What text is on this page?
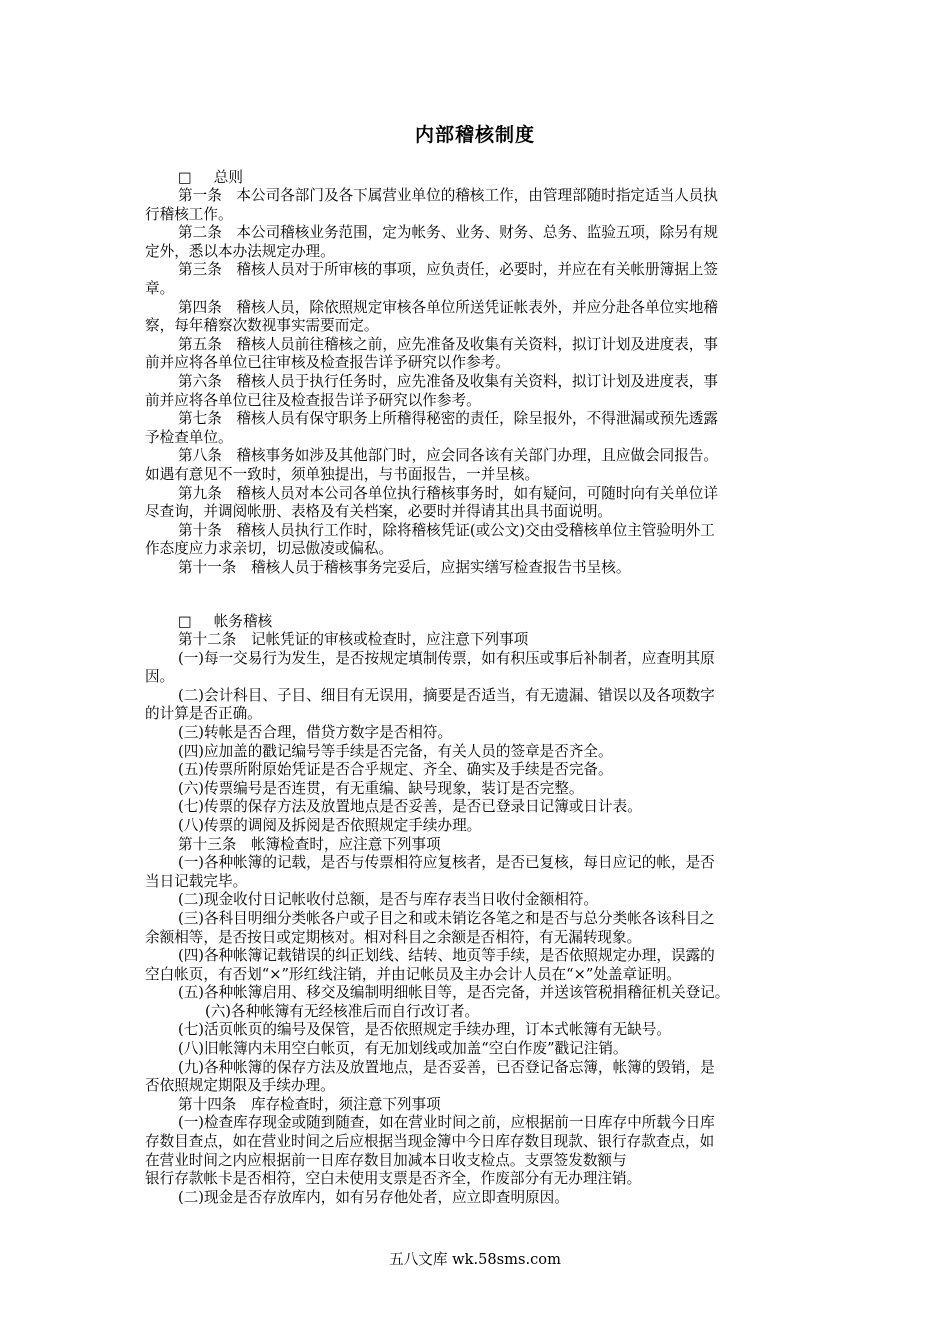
内部稽核制度
□ 总则
第一条　本公司各部门及各下属营业单位的稽核工作，由管理部随时指定适当人员执
行稽核工作。
第二条　本公司稽核业务范围，定为帐务、业务、财务、总务、监验五项，除另有规
定外，悉以本办法规定办理。
第三条　稽核人员对于所审核的事项，应负责任，必要时，并应在有关帐册簿据上签
章。
第四条　稽核人员，除依照规定审核各单位所送凭证帐表外，并应分赴各单位实地稽
察，每年稽察次数视事实需要而定。
第五条　稽核人员前往稽核之前，应先准备及收集有关资料，拟订计划及进度表，事
前并应将各单位已往审核及检查报告详予研究以作参考。
第六条　稽核人员于执行任务时，应先准备及收集有关资料，拟订计划及进度表，事
前并应将各单位已往及检查报告详予研究以作参考。
第七条　稽核人员有保守职务上所稽得秘密的责任，除呈报外，不得泄漏或预先透露
予检查单位。
第八条　稽核事务如涉及其他部门时，应会同各该有关部门办理，且应做会同报告。
如遇有意见不一致时，须单独提出，与书面报告，一并呈核。
第九条　稽核人员对本公司各单位执行稽核事务时，如有疑问，可随时向有关单位详
尽查询，并调阅帐册、表格及有关档案，必要时并得请其出具书面说明。
第十条　稽核人员执行工作时，除将稽核凭证(或公文)交由受稽核单位主管验明外工
作态度应力求亲切，切忌傲凌或偏私。
第十一条　稽核人员于稽核事务完妥后，应据实缮写检查报告书呈核。
□ 帐务稽核
第十二条　记帐凭证的审核或检查时，应注意下列事项
(一)每一交易行为发生，是否按规定填制传票，如有积压或事后补制者，应查明其原
因。
(二)会计科目、子目、细目有无误用，摘要是否适当，有无遗漏、错误以及各项数字
的计算是否正确。
(三)转帐是否合理，借贷方数字是否相符。
(四)应加盖的戳记编号等手续是否完备，有关人员的签章是否齐全。
(五)传票所附原始凭证是否合乎规定、齐全、确实及手续是否完备。
(六)传票编号是否连贯，有无重编、缺号现象，装订是否完整。
(七)传票的保存方法及放置地点是否妥善，是否已登录日记簿或日计表。
(八)传票的调阅及拆阅是否依照规定手续办理。
第十三条　帐簿检查时，应注意下列事项
(一)各种帐簿的记载，是否与传票相符应复核者，是否已复核，每日应记的帐，是否
当日记载完毕。
(二)现金收付日记帐收付总额，是否与库存表当日收付金额相符。
(三)各科目明细分类帐各户或子目之和或未销讫各笔之和是否与总分类帐各该科目之
余额相等，是否按日或定期核对。相对科目之余额是否相符，有无漏转现象。
(四)各种帐簿记载错误的纠正划线、结转、地页等手续，是否依照规定办理，误露的
空白帐页，有否划“×”形红线注销，并由记帐员及主办会计人员在“×”处盖章证明。
(五)各种帐簿启用、移交及编制明细帐目等，是否完备，并送该管税捐稽征机关登记。
(六)各种帐簿有无经核准后而自行改订者。
(七)活页帐页的编号及保管，是否依照规定手续办理，订本式帐簿有无缺号。
(八)旧帐簿内未用空白帐页，有无加划线或加盖“空白作废”戳记注销。
(九)各种帐簿的保存方法及放置地点，是否妥善，已否登记备忘簿，帐簿的毁销，是
否依照规定期限及手续办理。
第十四条　库存检查时，须注意下列事项
(一)检查库存现金或随到随查，如在营业时间之前，应根据前一日库存中所载今日库
存数目查点，如在营业时间之后应根据当现金簿中今日库存数目现款、银行存款查点，如
在营业时间之内应根据前一日库存数目加减本日收支检点。支票签发数额与
银行存款帐卡是否相符，空白未使用支票是否齐全，作废部分有无办理注销。
(二)现金是否存放库内，如有另存他处者，应立即查明原因。
五八文库 wk.58sms.com
